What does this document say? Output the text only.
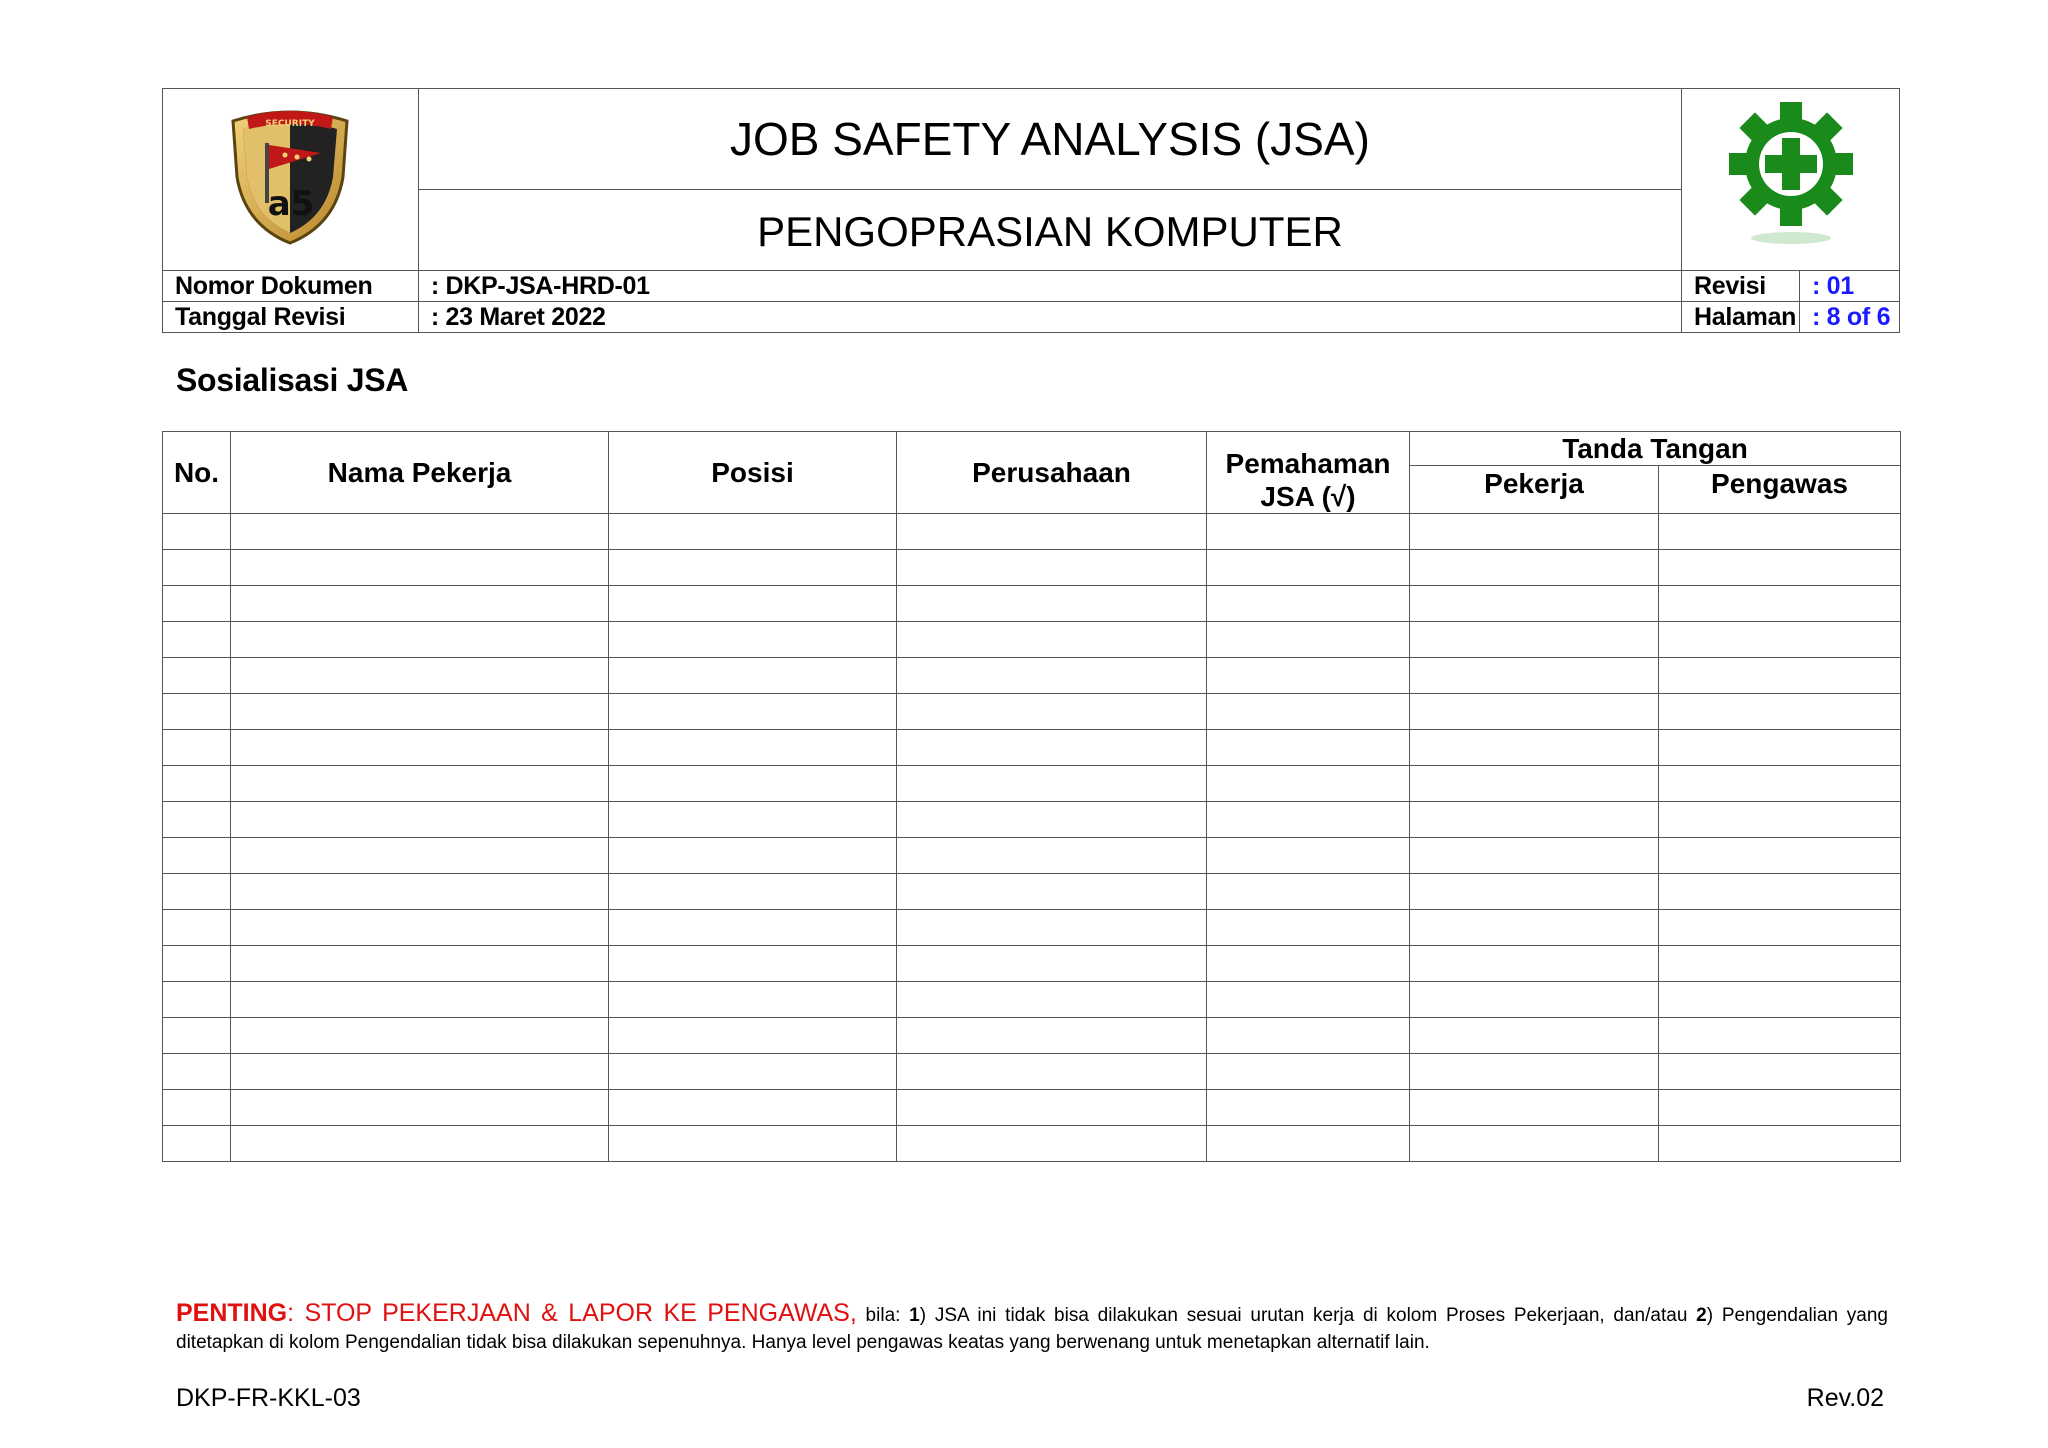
SECURITY
a5	JOB SAFETY ANALYSIS (JSA)	
	PENGOPRASIAN KOMPUTER		
Nomor Dokumen	: DKP-JSA-HRD-01	Revisi	: 01
Tanggal Revisi	: 23 Maret 2022	Halaman	: 8 of 6
Sosialisasi JSA
No.	Nama Pekerja	Posisi	Perusahaan	Pemahaman JSA (√)	Tanda Tangan	
					Pekerja	Pengawas

PENTING: STOP PEKERJAAN & LAPOR KE PENGAWAS, bila: 1) JSA ini tidak bisa dilakukan sesuai urutan kerja di kolom Proses Pekerjaan, dan/atau 2) Pengendalian yang ditetapkan di kolom Pengendalian tidak bisa dilakukan sepenuhnya. Hanya level pengawas keatas yang berwenang untuk menetapkan alternatif lain.
DKP-FR-KKL-03	Rev.02
